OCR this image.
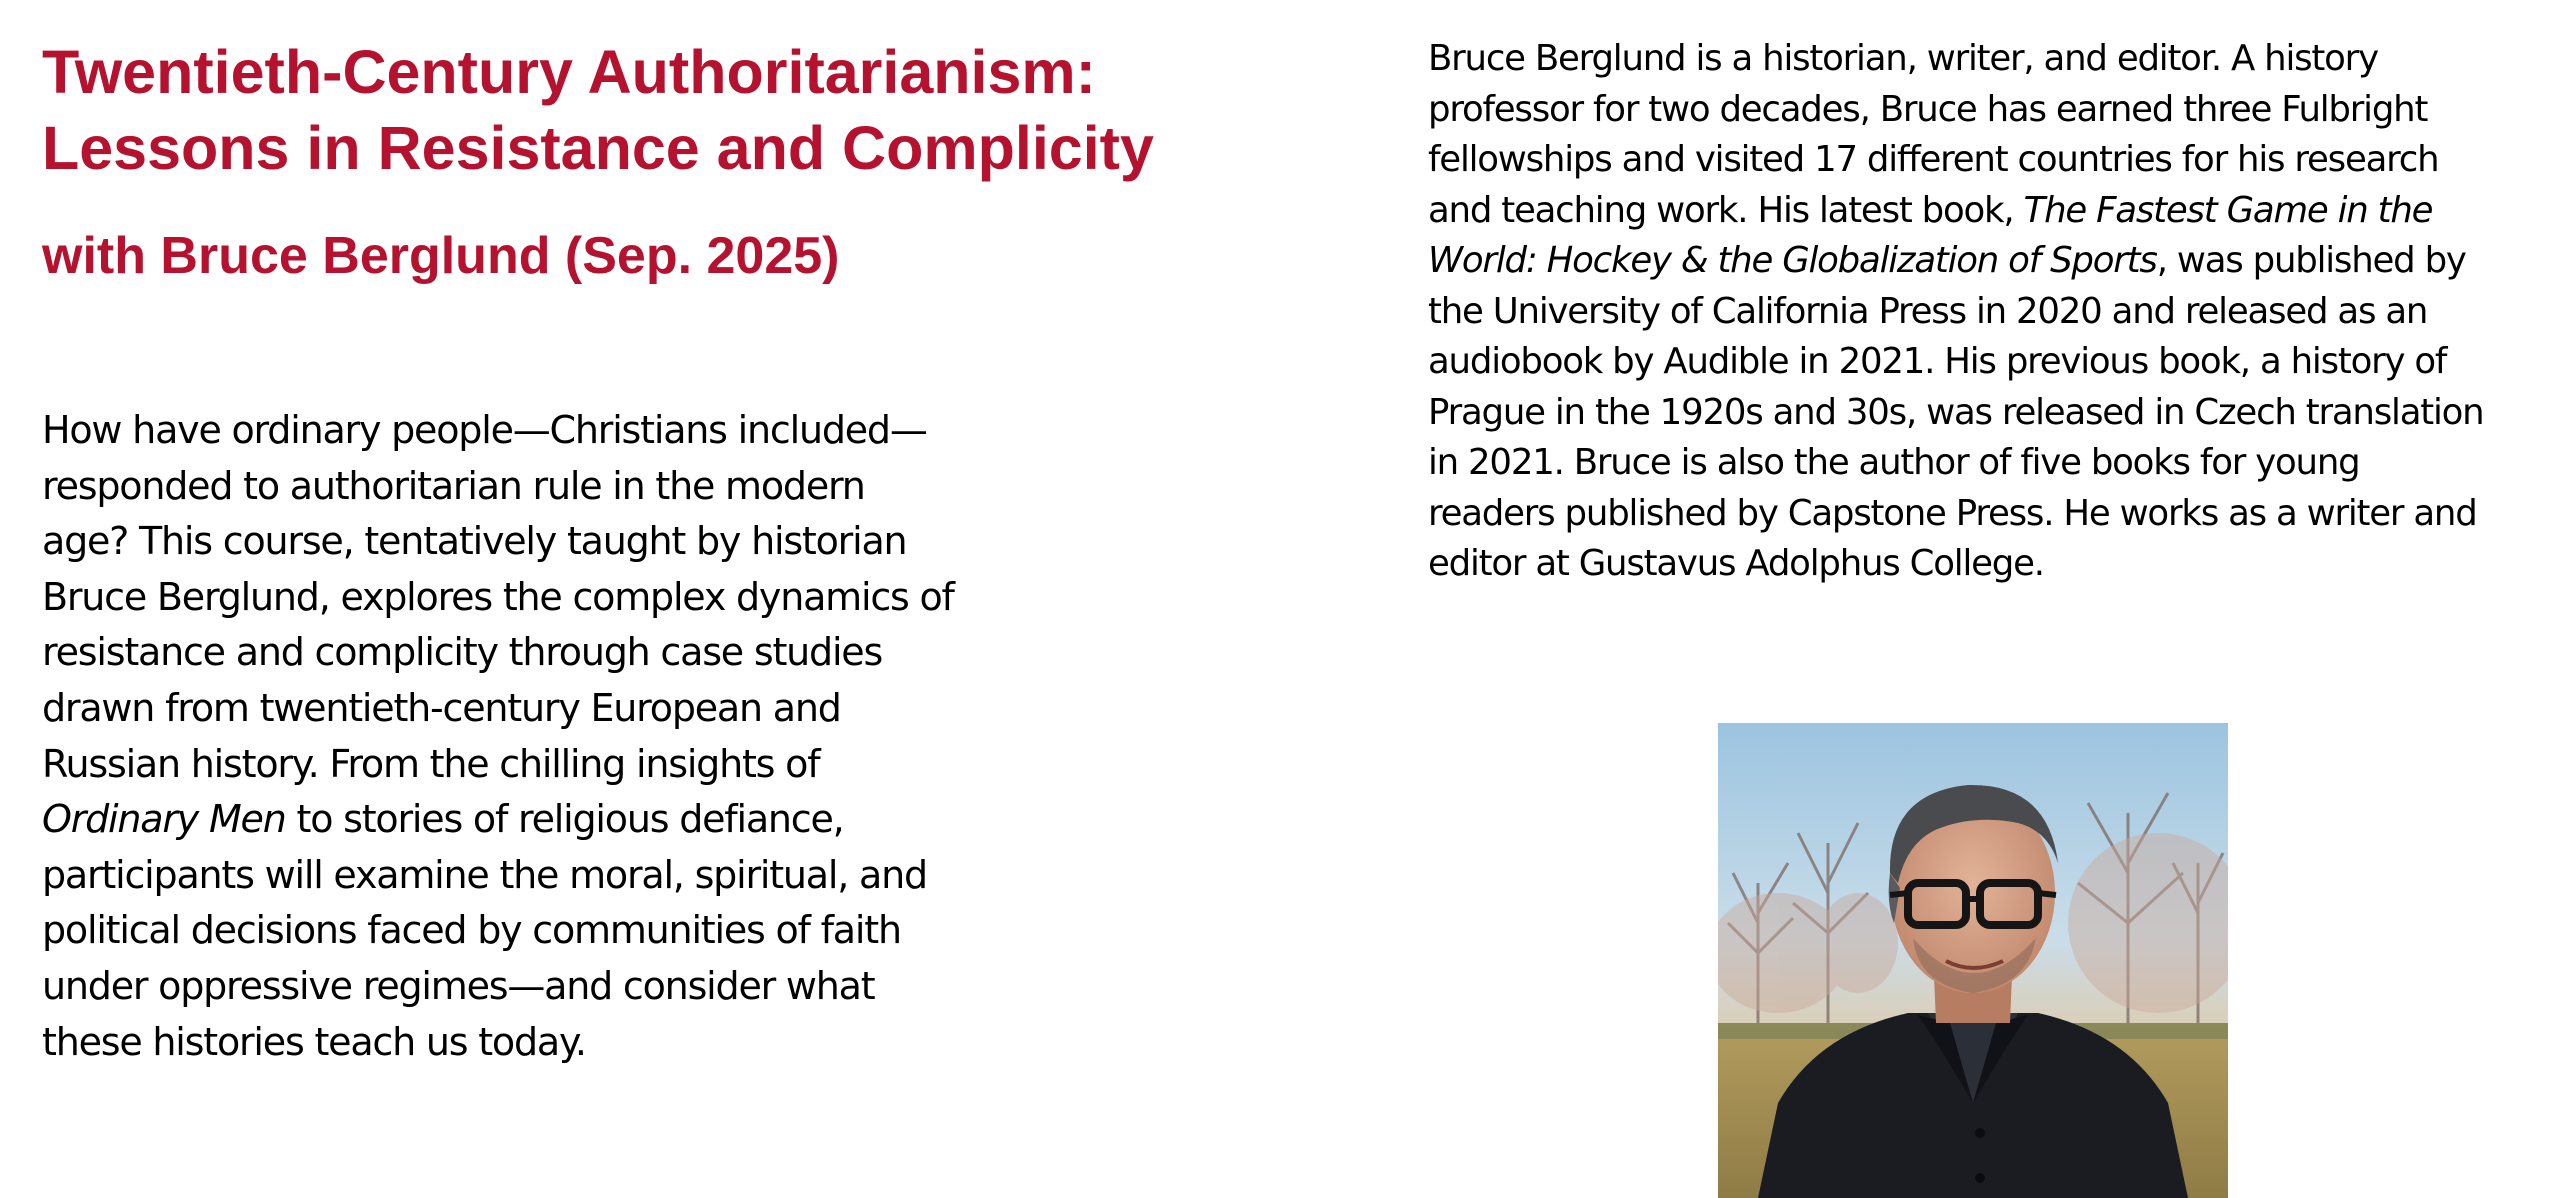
Twentieth-Century Authoritarianism:
Lessons in Resistance and Complicity
with Bruce Berglund (Sep. 2025)
How have ordinary people—Christians included—
responded to authoritarian rule in the modern
age? This course, tentatively taught by historian
Bruce Berglund, explores the complex dynamics of
resistance and complicity through case studies
drawn from twentieth-century European and
Russian history. From the chilling insights of
Ordinary Men to stories of religious defiance,
participants will examine the moral, spiritual, and
political decisions faced by communities of faith
under oppressive regimes—and consider what
these histories teach us today.
Bruce Berglund is a historian, writer, and editor. A history
professor for two decades, Bruce has earned three Fulbright
fellowships and visited 17 different countries for his research
and teaching work. His latest book, The Fastest Game in the
World: Hockey & the Globalization of Sports, was published by
the University of California Press in 2020 and released as an
audiobook by Audible in 2021. His previous book, a history of
Prague in the 1920s and 30s, was released in Czech translation
in 2021. Bruce is also the author of five books for young
readers published by Capstone Press. He works as a writer and
editor at Gustavus Adolphus College.
